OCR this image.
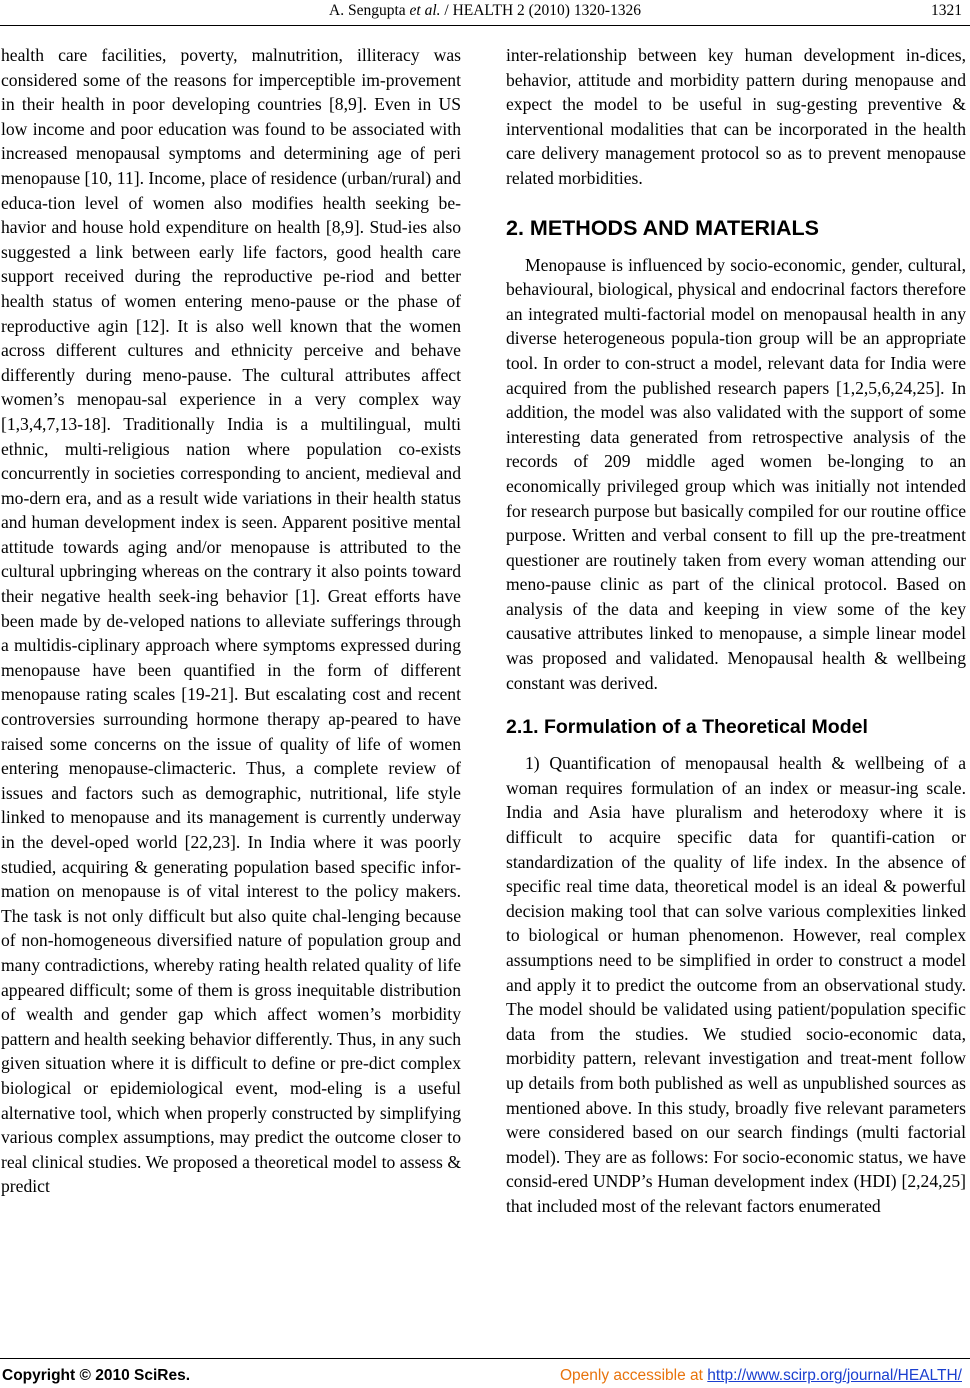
A. Sengupta et al. / HEALTH 2 (2010) 1320-1326	1321

health care facilities, poverty, malnutrition, illiteracy was considered some of the reasons for imperceptible im-provement in their health in poor developing countries [8,9]. Even in US low income and poor education was found to be associated with increased menopausal symptoms and determining age of peri menopause [10, 11]. Income, place of residence (urban/rural) and educa-tion level of women also modifies health seeking be-havior and house hold expenditure on health [8,9]. Stud-ies also suggested a link between early life factors, good health care support received during the reproductive pe-riod and better health status of women entering meno-pause or the phase of reproductive agin [12]. It is also well known that the women across different cultures and ethnicity perceive and behave differently during meno-pause. The cultural attributes affect women’s menopau-sal experience in a very complex way [1,3,4,7,13-18]. Traditionally India is a multilingual, multi ethnic, multi-religious nation where population co-exists concurrently in societies corresponding to ancient, medieval and mo-dern era, and as a result wide variations in their health status and human development index is seen. Apparent positive mental attitude towards aging and/or menopause is attributed to the cultural upbringing whereas on the contrary it also points toward their negative health seek-ing behavior [1]. Great efforts have been made by de-veloped nations to alleviate sufferings through a multidis-ciplinary approach where symptoms expressed during menopause have been quantified in the form of different menopause rating scales [19-21]. But escalating cost and recent controversies surrounding hormone therapy ap-peared to have raised some concerns on the issue of quality of life of women entering menopause-climacteric. Thus, a complete review of issues and factors such as demographic, nutritional, life style linked to menopause and its management is currently underway in the devel-oped world [22,23]. In India where it was poorly studied, acquiring & generating population based specific infor-mation on menopause is of vital interest to the policy makers. The task is not only difficult but also quite chal-lenging because of non-homogeneous diversified nature of population group and many contradictions, whereby rating health related quality of life appeared difficult; some of them is gross inequitable distribution of wealth and gender gap which affect women’s morbidity pattern and health seeking behavior differently. Thus, in any such given situation where it is difficult to define or pre-dict complex biological or epidemiological event, mod-eling is a useful alternative tool, which when properly constructed by simplifying various complex assumptions, may predict the outcome closer to real clinical studies. We proposed a theoretical model to assess & predict

inter-relationship between key human development in-dices, behavior, attitude and morbidity pattern during menopause and expect the model to be useful in sug-gesting preventive & interventional modalities that can be incorporated in the health care delivery management protocol so as to prevent menopause related morbidities.

2. METHODS AND MATERIALS

Menopause is influenced by socio-economic, gender, cultural, behavioural, biological, physical and endocrinal factors therefore an integrated multi-factorial model on menopausal health in any diverse heterogeneous popula-tion group will be an appropriate tool. In order to con-struct a model, relevant data for India were acquired from the published research papers [1,2,5,6,24,25]. In addition, the model was also validated with the support of some interesting data generated from retrospective analysis of the records of 209 middle aged women be-longing to an economically privileged group which was initially not intended for research purpose but basically compiled for our routine office purpose. Written and verbal consent to fill up the pre-treatment questioner are routinely taken from every woman attending our meno-pause clinic as part of the clinical protocol. Based on analysis of the data and keeping in view some of the key causative attributes linked to menopause, a simple linear model was proposed and validated. Menopausal health & wellbeing constant was derived.

2.1. Formulation of a Theoretical Model

1) Quantification of menopausal health & wellbeing of a woman requires formulation of an index or measur-ing scale. India and Asia have pluralism and heterodoxy where it is difficult to acquire specific data for quantifi-cation or standardization of the quality of life index. In the absence of specific real time data, theoretical model is an ideal & powerful decision making tool that can solve various complexities linked to biological or human phenomenon. However, real complex assumptions need to be simplified in order to construct a model and apply it to predict the outcome from an observational study. The model should be validated using patient/population specific data from the studies. We studied socio-economic data, morbidity pattern, relevant investigation and treat-ment follow up details from both published as well as unpublished sources as mentioned above. In this study, broadly five relevant parameters were considered based on our search findings (multi factorial model). They are as follows: For socio-economic status, we have consid-ered UNDP’s Human development index (HDI) [2,24,25] that included most of the relevant factors enumerated

Copyright © 2010 SciRes.	Openly accessible at http://www.scirp.org/journal/HEALTH/
